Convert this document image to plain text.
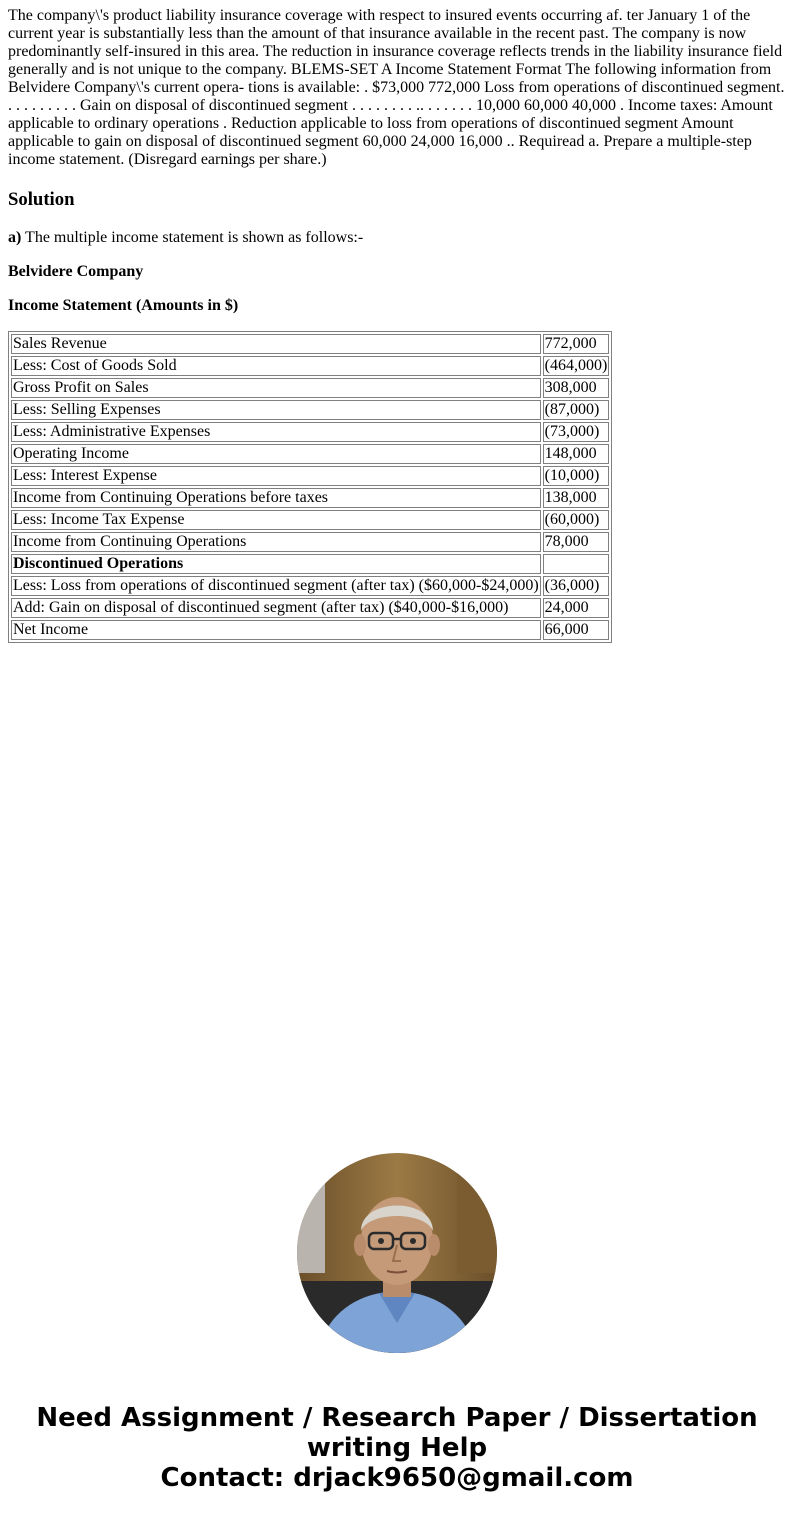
The company\'s product liability insurance coverage with respect to insured events occurring af. ter January 1 of the current year is substantially less than the amount of that insurance available in the recent past. The company is now predominantly self-insured in this area. The reduction in insurance coverage reflects trends in the liability insurance field generally and is not unique to the company. BLEMS-SET A Income Statement Format The following information from Belvidere Company\'s current opera- tions is available: . $73,000 772,000 Loss from operations of discontinued segment. . . . . . . . . . Gain on disposal of discontinued segment . . . . . . . . .. . . . . . . 10,000 60,000 40,000 . Income taxes: Amount applicable to ordinary operations . Reduction applicable to loss from operations of discontinued segment Amount applicable to gain on disposal of discontinued segment 60,000 24,000 16,000 .. Requiread a. Prepare a multiple-step income statement. (Disregard earnings per share.)

Solution

a) The multiple income statement is shown as follows:-

Belvidere Company

Income Statement (Amounts in $)

Sales Revenue	772,000
Less: Cost of Goods Sold	(464,000)
Gross Profit on Sales	308,000
Less: Selling Expenses	(87,000)
Less: Administrative Expenses	(73,000)
Operating Income	148,000
Less: Interest Expense	(10,000)
Income from Continuing Operations before taxes	138,000
Less: Income Tax Expense	(60,000)
Income from Continuing Operations	78,000
Discontinued Operations	
Less: Loss from operations of discontinued segment (after tax) ($60,000-$24,000)	(36,000)
Add: Gain on disposal of discontinued segment (after tax) ($40,000-$16,000)	24,000
Net Income	66,000
Need Assignment / Research Paper / Dissertation
writing Help
Contact: drjack9650@gmail.com
